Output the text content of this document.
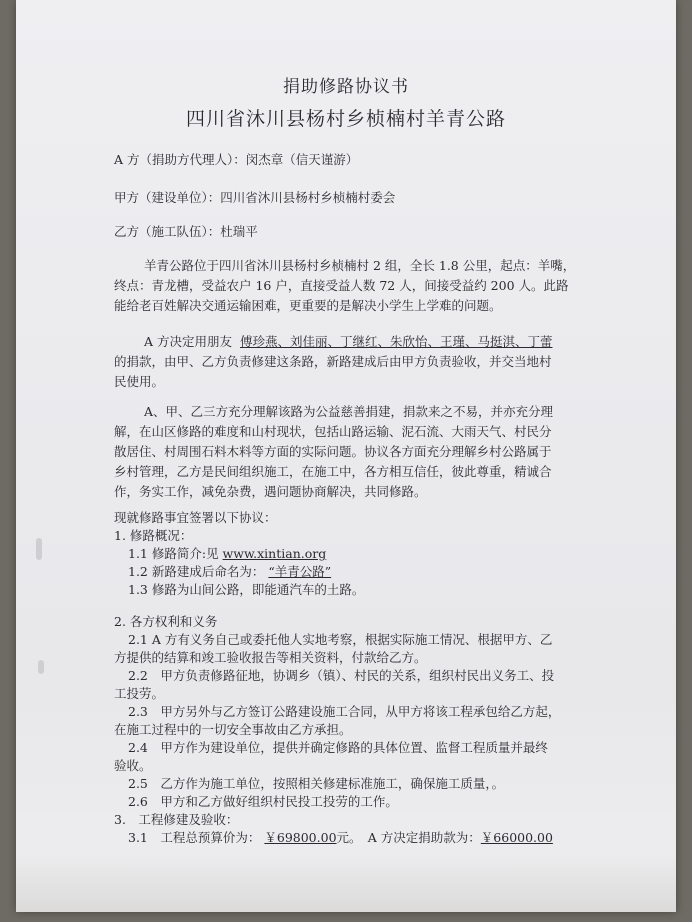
捐助修路协议书
四川省沐川县杨村乡桢楠村羊青公路
A 方（捐助方代理人）：闵杰章（信天谨游）
甲方（建设单位）：四川省沐川县杨村乡桢楠村委会
乙方（施工队伍）：杜瑞平
羊青公路位于四川省沐川县杨村乡桢楠村 2 组，全长 1.8 公里，起点：羊嘴，
终点：青龙槽，受益农户 16 户，直接受益人数 72 人，间接受益约 200 人。此路
能给老百姓解决交通运输困难，更重要的是解决小学生上学难的问题。
A 方决定用朋友 傅珍燕、刘佳丽、丁继红、朱欣怡、王瑾、马挺淇、丁蕾
的捐款，由甲、乙方负责修建这条路，新路建成后由甲方负责验收，并交当地村
民使用。
A、甲、乙三方充分理解该路为公益慈善捐建，捐款来之不易，并亦充分理
解，在山区修路的难度和山村现状，包括山路运输、泥石流、大雨天气、村民分
散居住、村周围石料木料等方面的实际问题。协议各方面充分理解乡村公路属于
乡村管理，乙方是民间组织施工，在施工中，各方相互信任，彼此尊重，精诚合
作，务实工作，减免杂费，遇问题协商解决，共同修路。
现就修路事宜签署以下协议：
1. 修路概况：
1.1 修路简介:见 www.xintian.org
1.2 新路建成后命名为： “羊青公路”
1.3 修路为山间公路，即能通汽车的土路。
2. 各方权利和义务
2.1 A 方有义务自己或委托他人实地考察，根据实际施工情况、根据甲方、乙
方提供的结算和竣工验收报告等相关资料，付款给乙方。
2.2　甲方负责修路征地，协调乡（镇）、村民的关系，组织村民出义务工、投
工投劳。
2.3　甲方另外与乙方签订公路建设施工合同，从甲方将该工程承包给乙方起，
在施工过程中的一切安全事故由乙方承担。
2.4　甲方作为建设单位，提供并确定修路的具体位置、监督工程质量并最终
验收。
2.5　乙方作为施工单位，按照相关修建标准施工，确保施工质量，。
2.6　甲方和乙方做好组织村民投工投劳的工作。
3.　工程修建及验收：
3.1　工程总预算价为： ￥69800.00元。　A 方决定捐助款为：￥66000.00
